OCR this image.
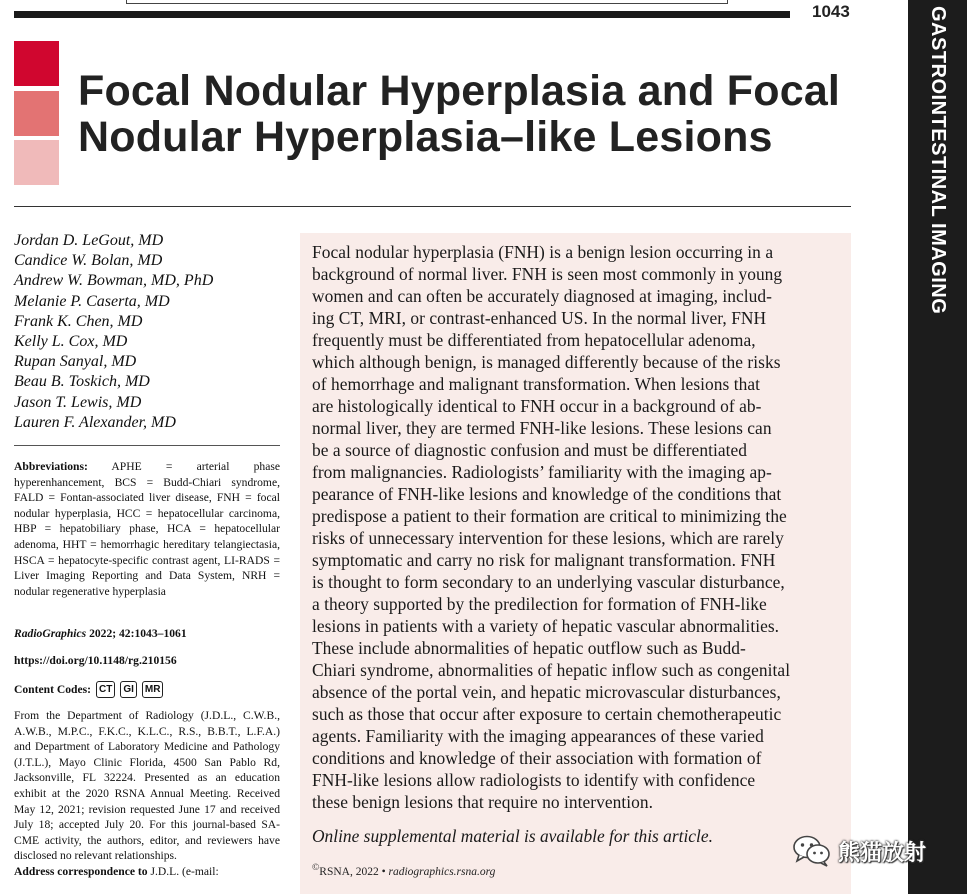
1043	GASTROINTESTINAL IMAGING
Focal Nodular Hyperplasia and Focal Nodular Hyperplasia–like Lesions
Jordan D. LeGout, MD
Candice W. Bolan, MD
Andrew W. Bowman, MD, PhD
Melanie P. Caserta, MD
Frank K. Chen, MD
Kelly L. Cox, MD
Rupan Sanyal, MD
Beau B. Toskich, MD
Jason T. Lewis, MD
Lauren F. Alexander, MD

Abbreviations: APHE = arterial phase hyperenhancement, BCS = Budd-Chiari syndrome, FALD = Fontan-associated liver disease, FNH = focal nodular hyperplasia, HCC = hepatocellular carcinoma, HBP = hepatobiliary phase, HCA = hepatocellular adenoma, HHT = hemorrhagic hereditary telangiectasia, HSCA = hepatocyte-specific contrast agent, LI-RADS = Liver Imaging Reporting and Data System, NRH = nodular regenerative hyperplasia

RadioGraphics 2022; 42:1043–1061
https://doi.org/10.1148/rg.210156
Content Codes: CT	GI	MR

From the Department of Radiology (J.D.L., C.W.B., A.W.B., M.P.C., F.K.C., K.L.C., R.S., B.B.T., L.F.A.) and Department of Laboratory Medicine and Pathology (J.T.L.), Mayo Clinic Florida, 4500 San Pablo Rd, Jacksonville, FL 32224. Presented as an education exhibit at the 2020 RSNA Annual Meeting. Received May 12, 2021; revision requested June 17 and received July 18; accepted July 20. For this journal-based SA-CME activity, the authors, editor, and reviewers have disclosed no relevant relationships.

Address correspondence to J.D.L. (e-mail:

Focal nodular hyperplasia (FNH) is a benign lesion occurring in a
background of normal liver. FNH is seen most commonly in young
women and can often be accurately diagnosed at imaging, includ-
ing CT, MRI, or contrast-enhanced US. In the normal liver, FNH
frequently must be differentiated from hepatocellular adenoma,
which although benign, is managed differently because of the risks
of hemorrhage and malignant transformation. When lesions that
are histologically identical to FNH occur in a background of ab-
normal liver, they are termed FNH-like lesions. These lesions can
be a source of diagnostic confusion and must be differentiated
from malignancies. Radiologists’ familiarity with the imaging ap-
pearance of FNH-like lesions and knowledge of the conditions that
predispose a patient to their formation are critical to minimizing the
risks of unnecessary intervention for these lesions, which are rarely
symptomatic and carry no risk for malignant transformation. FNH
is thought to form secondary to an underlying vascular disturbance,
a theory supported by the predilection for formation of FNH-like
lesions in patients with a variety of hepatic vascular abnormalities.
These include abnormalities of hepatic outflow such as Budd-
Chiari syndrome, abnormalities of hepatic inflow such as congenital
absence of the portal vein, and hepatic microvascular disturbances,
such as those that occur after exposure to certain chemotherapeutic
agents. Familiarity with the imaging appearances of these varied
conditions and knowledge of their association with formation of
FNH-like lesions allow radiologists to identify with confidence
these benign lesions that require no intervention.

Online supplemental material is available for this article.

©RSNA, 2022 • radiographics.rsna.org
熊猫放射
